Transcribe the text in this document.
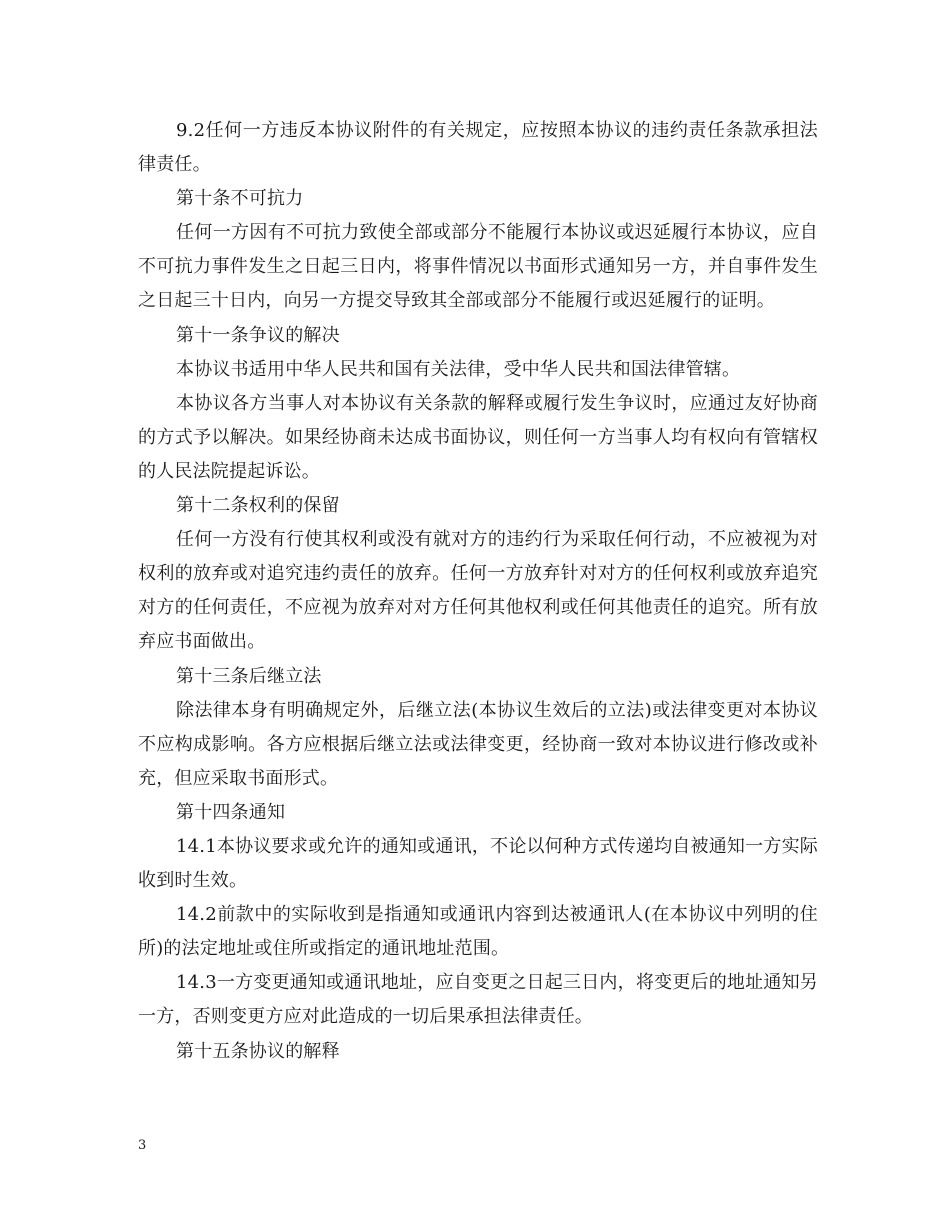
9.2任何一方违反本协议附件的有关规定，应按照本协议的违约责任条款承担法律责任。

第十条不可抗力

任何一方因有不可抗力致使全部或部分不能履行本协议或迟延履行本协议，应自不可抗力事件发生之日起三日内，将事件情况以书面形式通知另一方，并自事件发生之日起三十日内，向另一方提交导致其全部或部分不能履行或迟延履行的证明。

第十一条争议的解决

本协议书适用中华人民共和国有关法律，受中华人民共和国法律管辖。

本协议各方当事人对本协议有关条款的解释或履行发生争议时，应通过友好协商的方式予以解决。如果经协商未达成书面协议，则任何一方当事人均有权向有管辖权的人民法院提起诉讼。

第十二条权利的保留

任何一方没有行使其权利或没有就对方的违约行为采取任何行动，不应被视为对权利的放弃或对追究违约责任的放弃。任何一方放弃针对对方的任何权利或放弃追究对方的任何责任，不应视为放弃对对方任何其他权利或任何其他责任的追究。所有放弃应书面做出。

第十三条后继立法

除法律本身有明确规定外，后继立法(本协议生效后的立法)或法律变更对本协议不应构成影响。各方应根据后继立法或法律变更，经协商一致对本协议进行修改或补充，但应采取书面形式。

第十四条通知

14.1本协议要求或允许的通知或通讯，不论以何种方式传递均自被通知一方实际收到时生效。

14.2前款中的实际收到是指通知或通讯内容到达被通讯人(在本协议中列明的住所)的法定地址或住所或指定的通讯地址范围。

14.3一方变更通知或通讯地址，应自变更之日起三日内，将变更后的地址通知另一方，否则变更方应对此造成的一切后果承担法律责任。

第十五条协议的解释

3
